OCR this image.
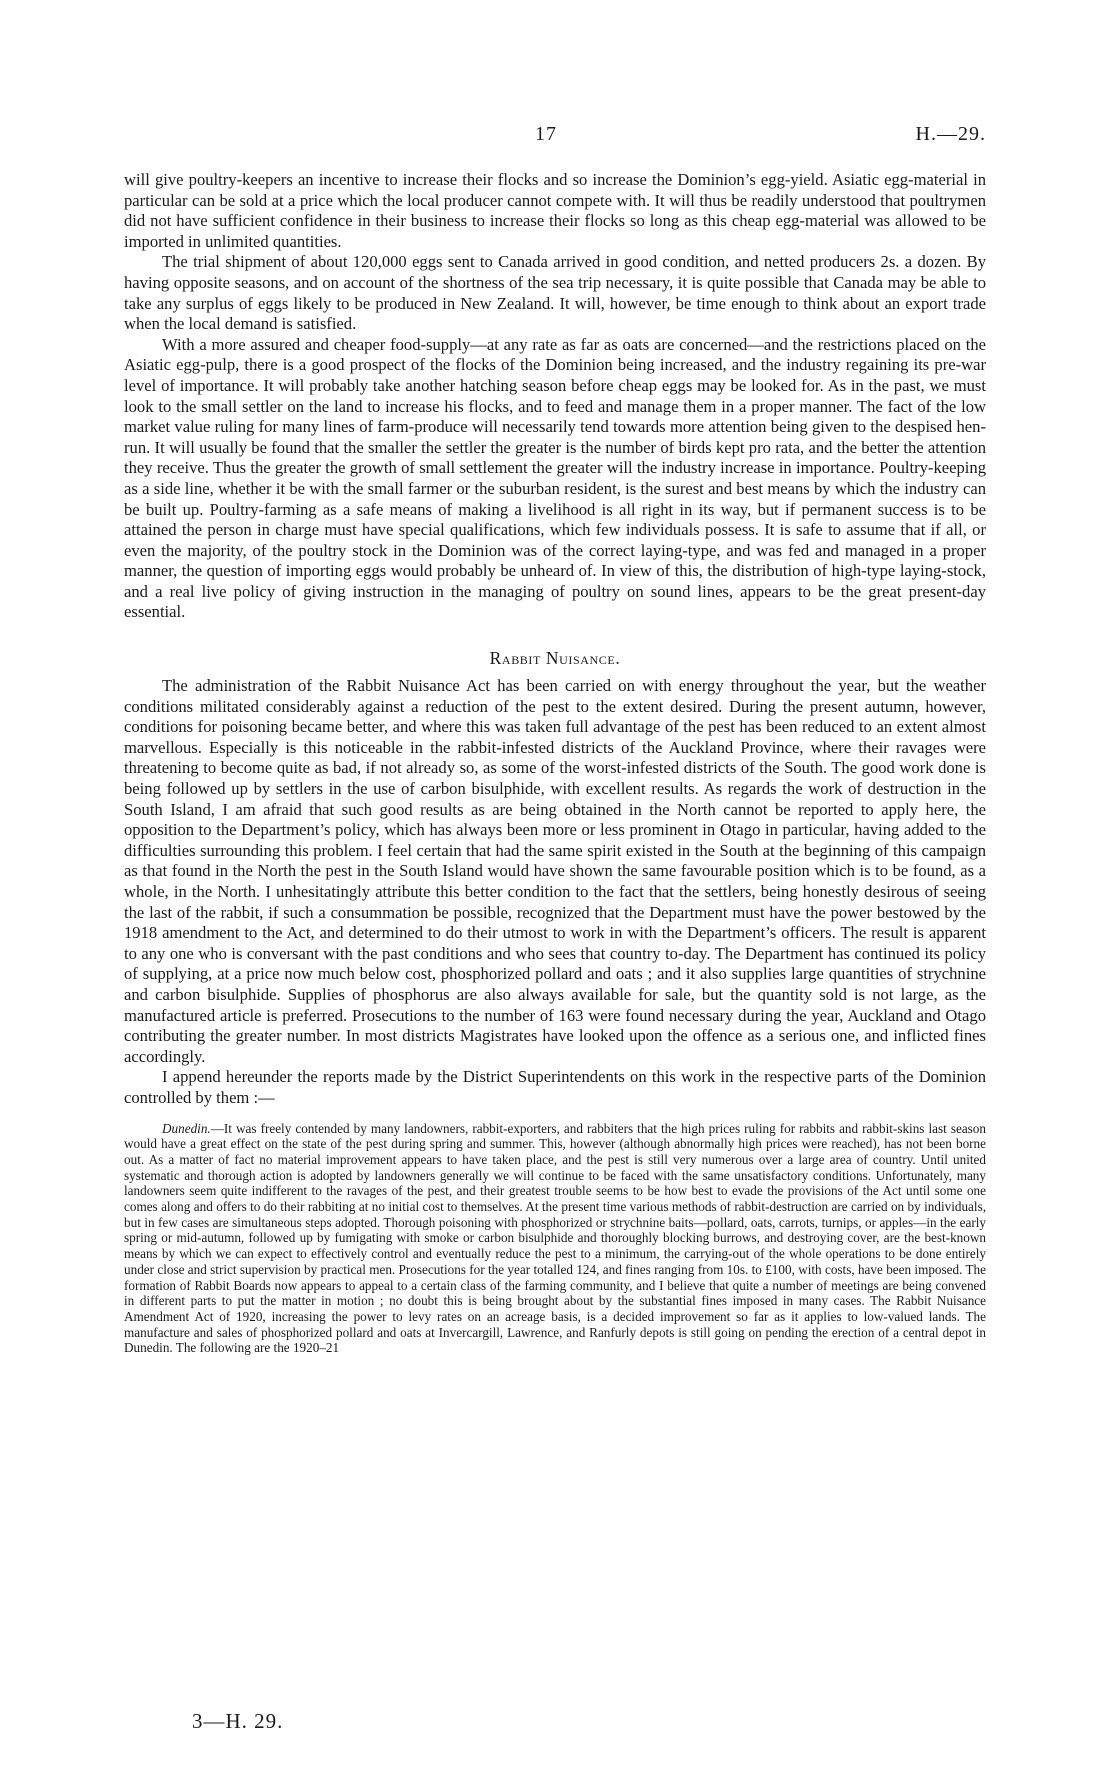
17	H.—29.

will give poultry-keepers an incentive to increase their flocks and so increase the Dominion’s egg-yield. Asiatic egg-material in particular can be sold at a price which the local producer cannot compete with. It will thus be readily understood that poultrymen did not have sufficient confidence in their business to increase their flocks so long as this cheap egg-material was allowed to be imported in unlimited quantities.

The trial shipment of about 120,000 eggs sent to Canada arrived in good condition, and netted producers 2s. a dozen. By having opposite seasons, and on account of the shortness of the sea trip necessary, it is quite possible that Canada may be able to take any surplus of eggs likely to be produced in New Zealand. It will, however, be time enough to think about an export trade when the local demand is satisfied.

With a more assured and cheaper food-supply—at any rate as far as oats are concerned—and the restrictions placed on the Asiatic egg-pulp, there is a good prospect of the flocks of the Dominion being increased, and the industry regaining its pre-war level of importance. It will probably take another hatching season before cheap eggs may be looked for. As in the past, we must look to the small settler on the land to increase his flocks, and to feed and manage them in a proper manner. The fact of the low market value ruling for many lines of farm-produce will necessarily tend towards more attention being given to the despised hen-run. It will usually be found that the smaller the settler the greater is the number of birds kept pro rata, and the better the attention they receive. Thus the greater the growth of small settlement the greater will the industry increase in importance. Poultry-keeping as a side line, whether it be with the small farmer or the suburban resident, is the surest and best means by which the industry can be built up. Poultry-farming as a safe means of making a livelihood is all right in its way, but if permanent success is to be attained the person in charge must have special qualifications, which few individuals possess. It is safe to assume that if all, or even the majority, of the poultry stock in the Dominion was of the correct laying-type, and was fed and managed in a proper manner, the question of importing eggs would probably be unheard of. In view of this, the distribution of high-type laying-stock, and a real live policy of giving instruction in the managing of poultry on sound lines, appears to be the great present-day essential.

Rabbit Nuisance.

The administration of the Rabbit Nuisance Act has been carried on with energy throughout the year, but the weather conditions militated considerably against a reduction of the pest to the extent desired. During the present autumn, however, conditions for poisoning became better, and where this was taken full advantage of the pest has been reduced to an extent almost marvellous. Especially is this noticeable in the rabbit-infested districts of the Auckland Province, where their ravages were threatening to become quite as bad, if not already so, as some of the worst-infested districts of the South. The good work done is being followed up by settlers in the use of carbon bisulphide, with excellent results. As regards the work of destruction in the South Island, I am afraid that such good results as are being obtained in the North cannot be reported to apply here, the opposition to the Department’s policy, which has always been more or less prominent in Otago in particular, having added to the difficulties surrounding this problem. I feel certain that had the same spirit existed in the South at the beginning of this campaign as that found in the North the pest in the South Island would have shown the same favourable position which is to be found, as a whole, in the North. I unhesitatingly attribute this better condition to the fact that the settlers, being honestly desirous of seeing the last of the rabbit, if such a consummation be possible, recognized that the Department must have the power bestowed by the 1918 amendment to the Act, and determined to do their utmost to work in with the Department’s officers. The result is apparent to any one who is conversant with the past conditions and who sees that country to-day. The Department has continued its policy of supplying, at a price now much below cost, phosphorized pollard and oats ; and it also supplies large quantities of strychnine and carbon bisulphide. Supplies of phosphorus are also always available for sale, but the quantity sold is not large, as the manufactured article is preferred. Prosecutions to the number of 163 were found necessary during the year, Auckland and Otago contributing the greater number. In most districts Magistrates have looked upon the offence as a serious one, and inflicted fines accordingly.

I append hereunder the reports made by the District Superintendents on this work in the respective parts of the Dominion controlled by them :—

Dunedin.—It was freely contended by many landowners, rabbit-exporters, and rabbiters that the high prices ruling for rabbits and rabbit-skins last season would have a great effect on the state of the pest during spring and summer. This, however (although abnormally high prices were reached), has not been borne out. As a matter of fact no material improvement appears to have taken place, and the pest is still very numerous over a large area of country. Until united systematic and thorough action is adopted by landowners generally we will continue to be faced with the same unsatisfactory conditions. Unfortunately, many landowners seem quite indifferent to the ravages of the pest, and their greatest trouble seems to be how best to evade the provisions of the Act until some one comes along and offers to do their rabbiting at no initial cost to themselves. At the present time various methods of rabbit-destruction are carried on by individuals, but in few cases are simultaneous steps adopted. Thorough poisoning with phosphorized or strychnine baits—pollard, oats, carrots, turnips, or apples—in the early spring or mid-autumn, followed up by fumigating with smoke or carbon bisulphide and thoroughly blocking burrows, and destroying cover, are the best-known means by which we can expect to effectively control and eventually reduce the pest to a minimum, the carrying-out of the whole operations to be done entirely under close and strict supervision by practical men. Prosecutions for the year totalled 124, and fines ranging from 10s. to £100, with costs, have been imposed. The formation of Rabbit Boards now appears to appeal to a certain class of the farming community, and I believe that quite a number of meetings are being convened in different parts to put the matter in motion ; no doubt this is being brought about by the substantial fines imposed in many cases. The Rabbit Nuisance Amendment Act of 1920, increasing the power to levy rates on an acreage basis, is a decided improvement so far as it applies to low-valued lands. The manufacture and sales of phosphorized pollard and oats at Invercargill, Lawrence, and Ranfurly depots is still going on pending the erection of a central depot in Dunedin. The following are the 1920–21
3—H. 29.
